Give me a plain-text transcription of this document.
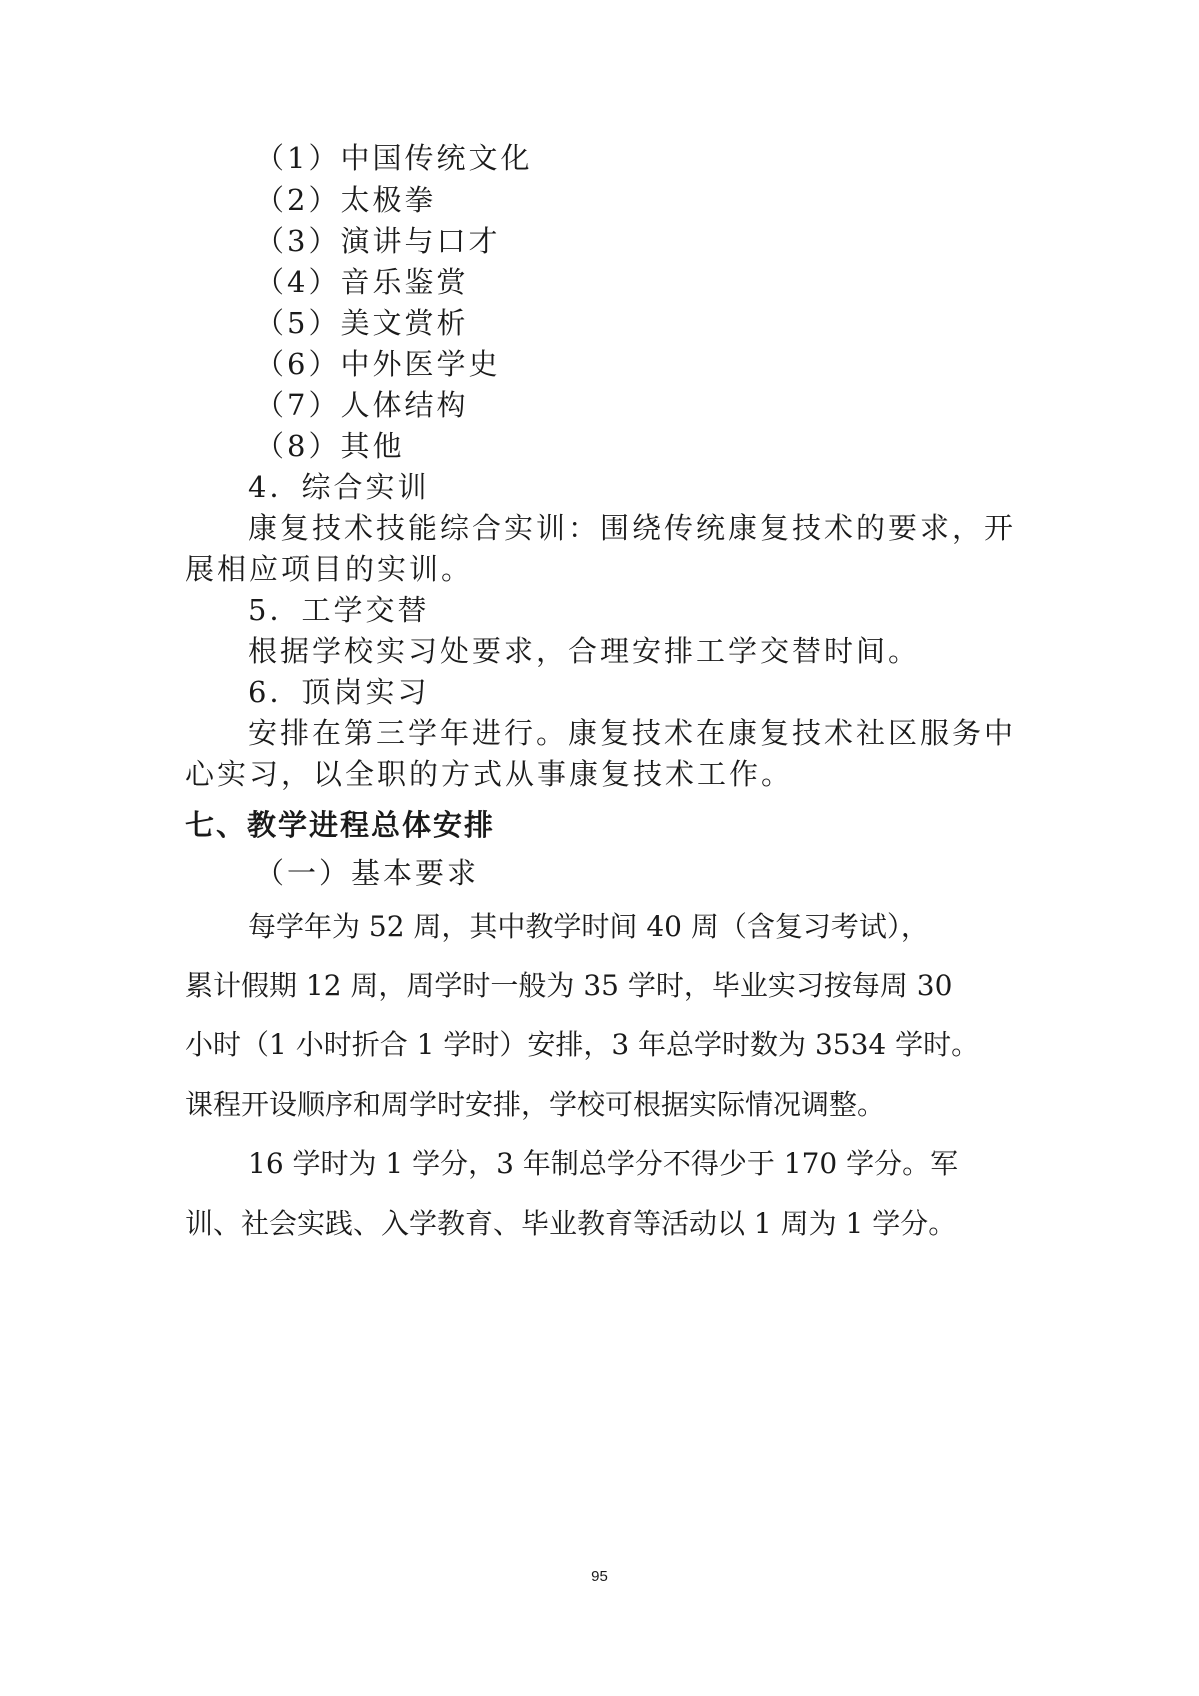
（1）中国传统文化
（2）太极拳
（3）演讲与口才
（4）音乐鉴赏
（5）美文赏析
（6）中外医学史
（7）人体结构
（8）其他
4．综合实训
康复技术技能综合实训：围绕传统康复技术的要求，开
展相应项目的实训。
5．工学交替
根据学校实习处要求，合理安排工学交替时间。
6．顶岗实习
安排在第三学年进行。康复技术在康复技术社区服务中
心实习，以全职的方式从事康复技术工作。
七、教学进程总体安排
（一）基本要求
每学年为 52 周，其中教学时间 40 周（含复习考试），
累计假期 12 周，周学时一般为 35 学时，毕业实习按每周 30
小时（1 小时折合 1 学时）安排，3 年总学时数为 3534 学时。
课程开设顺序和周学时安排，学校可根据实际情况调整。
16 学时为 1 学分，3 年制总学分不得少于 170 学分。军
训、社会实践、入学教育、毕业教育等活动以 1 周为 1 学分。
95
